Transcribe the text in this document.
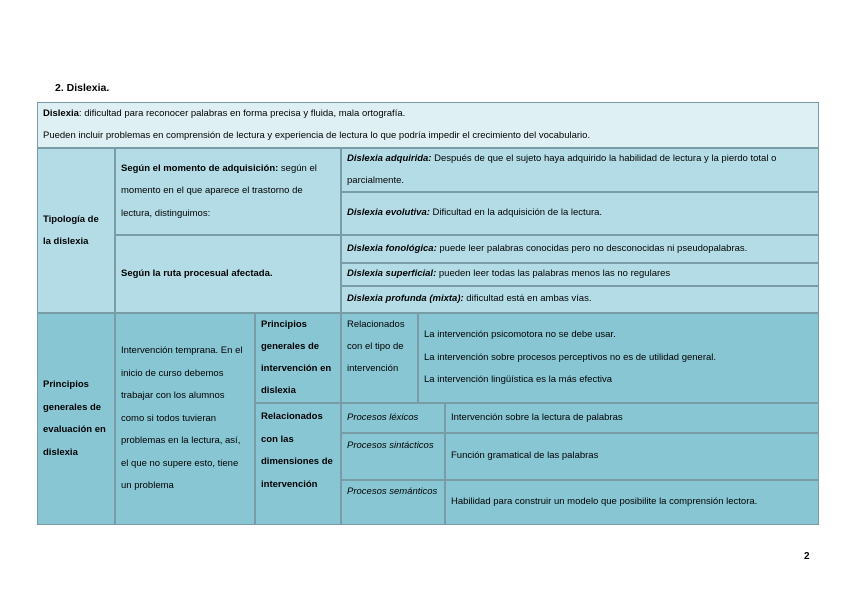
2. Dislexia.
Dislexia: dificultad para reconocer palabras en forma precisa y fluida, mala ortografía.
Pueden incluir problemas en comprensión de lectura y experiencia de lectura lo que podría impedir el crecimiento del vocabulario.
Tipología de la dislexia
Según el momento de adquisición: según el momento en el que aparece el trastorno de lectura, distinguimos:
Dislexia adquirida: Después de que el sujeto haya adquirido la habilidad de lectura y la pierdo total o parcialmente.
Dislexia evolutiva: Dificultad en la adquisición de la lectura.
Según la ruta procesual afectada.
Dislexia fonológica: puede leer palabras conocidas pero no desconocidas ni pseudopalabras.
Dislexia superficial: pueden leer todas las palabras menos las no regulares
Dislexia profunda (mixta): dificultad está en ambas vías.
Principios generales de evaluación en dislexia
Intervención temprana. En el inicio de curso debemos trabajar con los alumnos como si todos tuvieran problemas en la lectura, así, el que no supere esto, tiene un problema
Principios generales de intervención en dislexia
Relacionados con el tipo de intervención
La intervención psicomotora no se debe usar.
La intervención sobre procesos perceptivos no es de utilidad general.
La intervención lingüística es la más efectiva
Relacionados con las dimensiones de intervención
Procesos léxicos	Intervención sobre la lectura de palabras
Procesos sintácticos
Función gramatical de las palabras
Procesos semánticos
Habilidad para construir un modelo que posibilite la comprensión lectora.
2
